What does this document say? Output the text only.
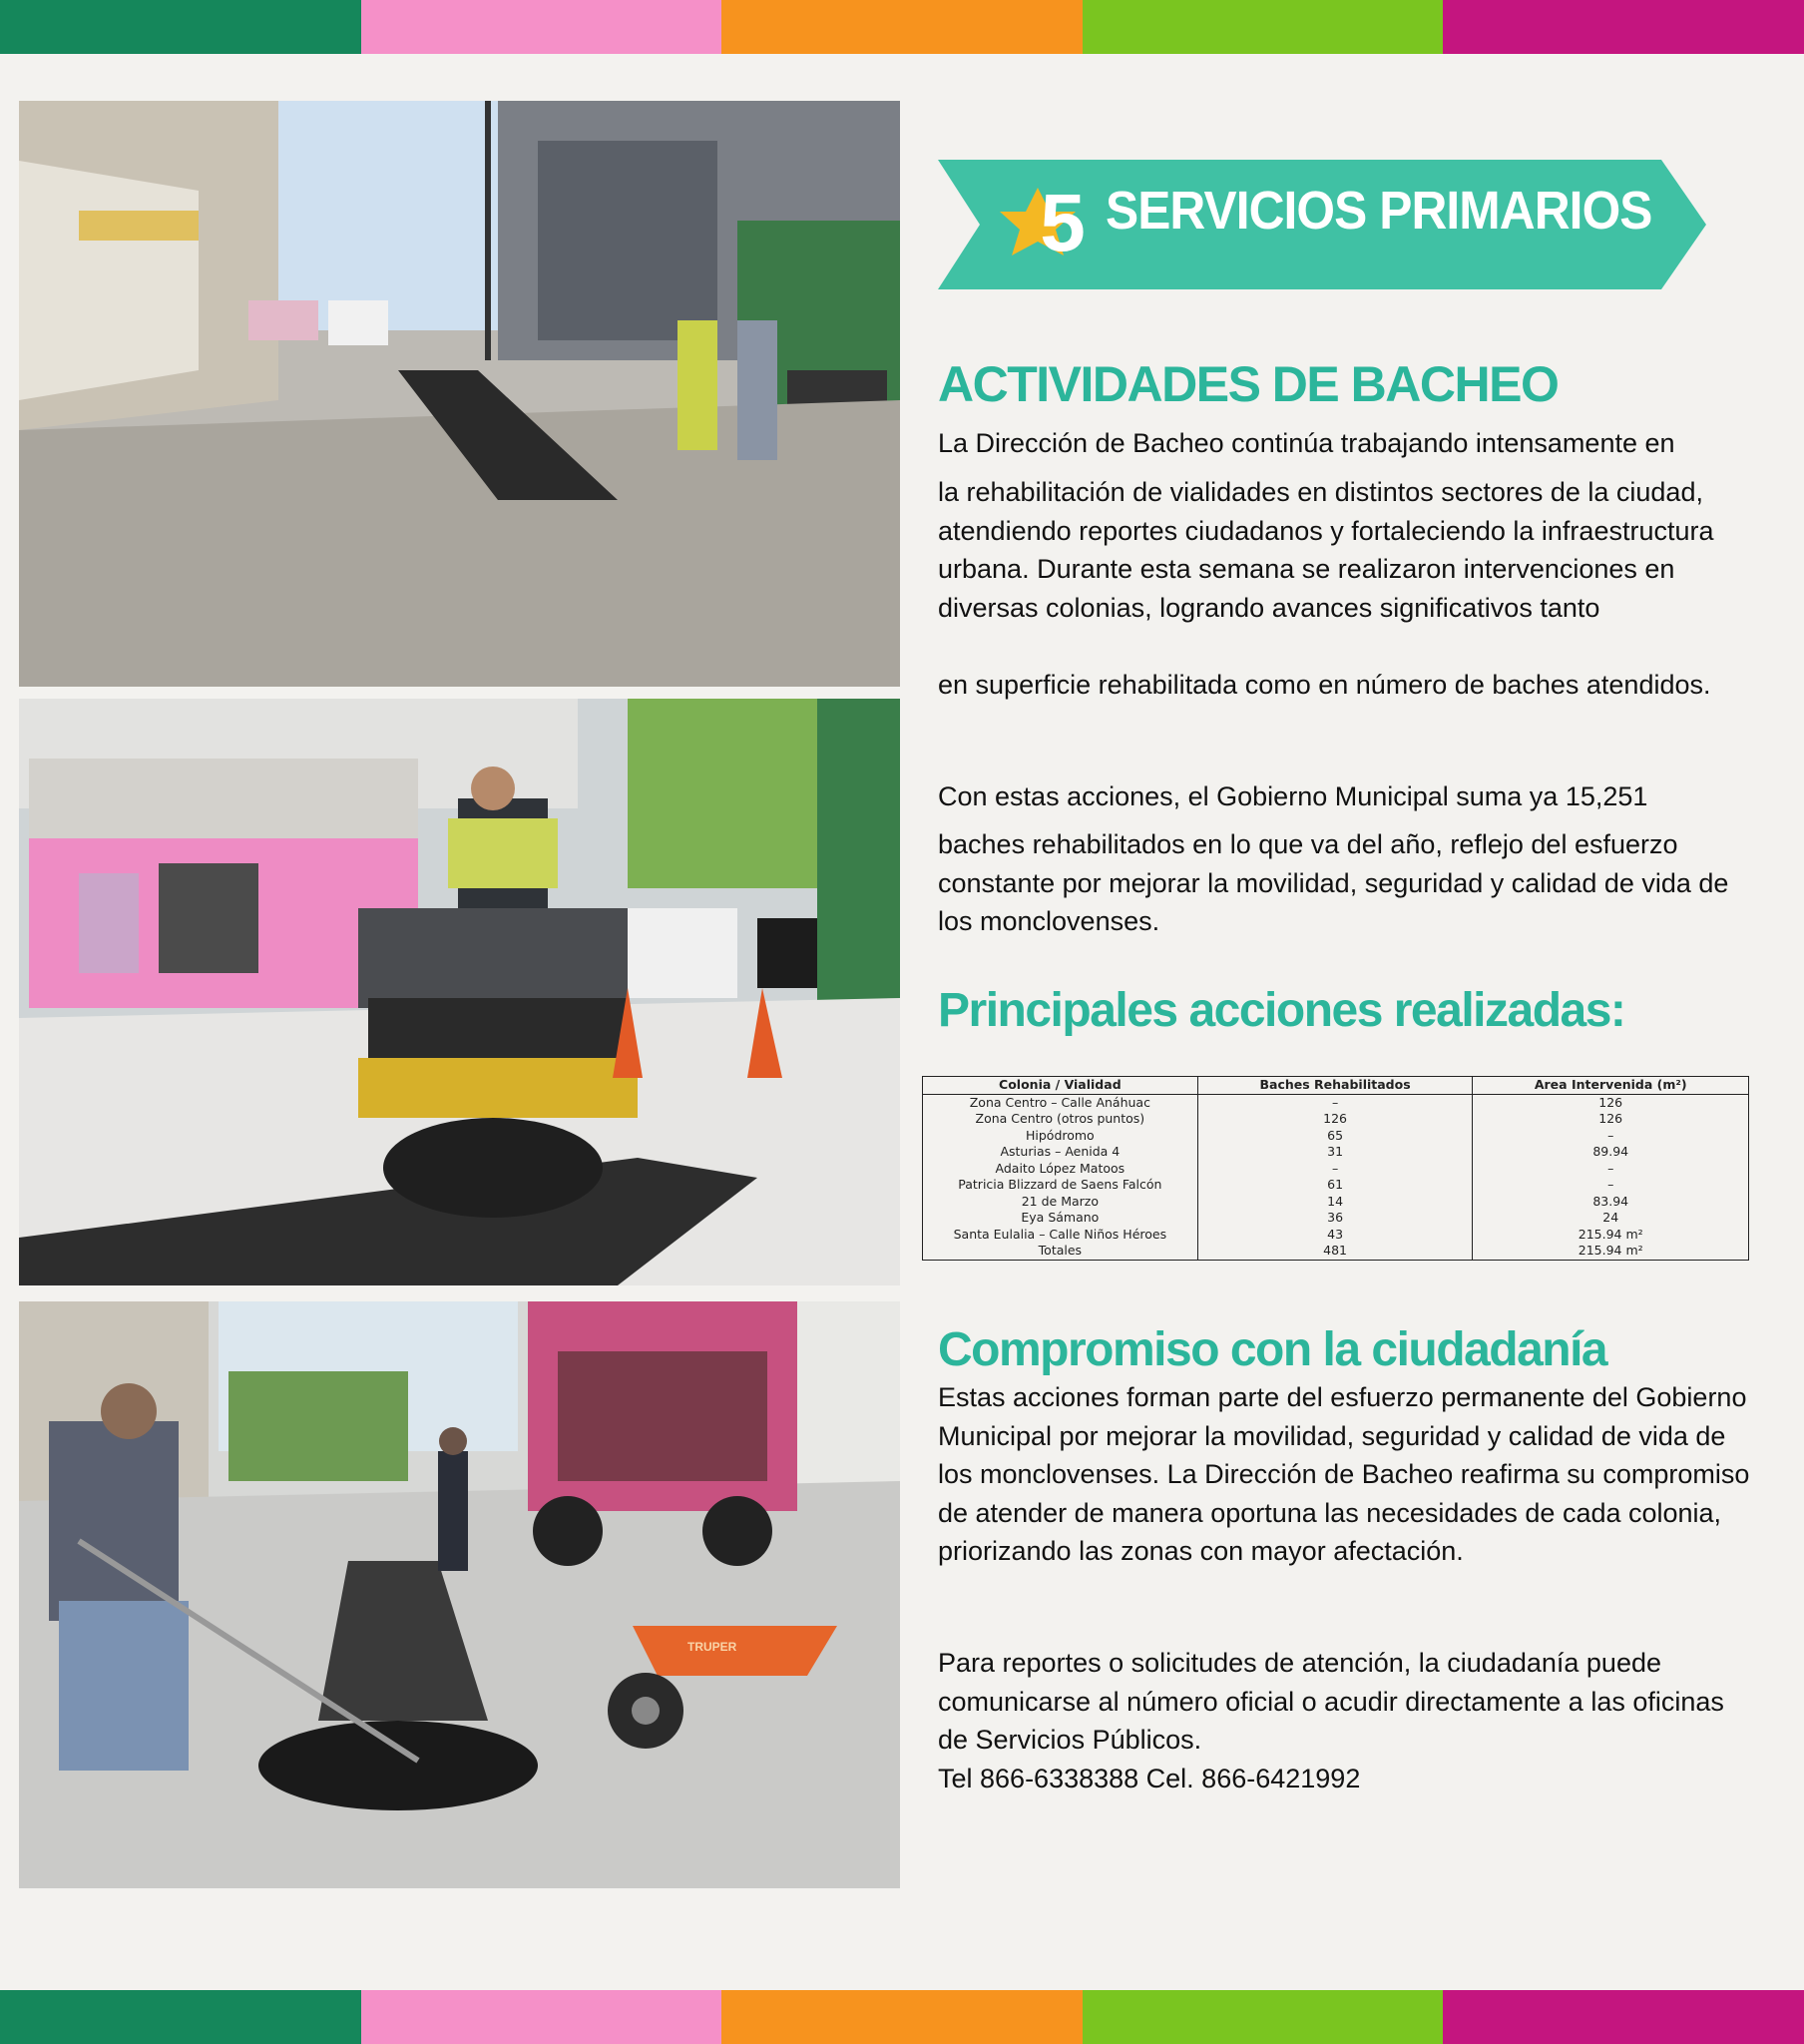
TRUPER
5 SERVICIOS PRIMARIOS
ACTIVIDADES DE BACHEO

La Dirección de Bacheo continúa trabajando intensamente en

la rehabilitación de vialidades en distintos sectores de la ciudad, atendiendo reportes ciudadanos y fortaleciendo la infraestructura urbana. Durante esta semana se realizaron intervenciones en diversas colonias, logrando avances significativos tanto

en superficie rehabilitada como en número de baches atendidos.

Con estas acciones, el Gobierno Municipal suma ya 15,251

baches rehabilitados en lo que va del año, reflejo del esfuerzo constante por mejorar la movilidad, seguridad y calidad de vida de los monclovenses.

Principales acciones realizadas:
Colonia / Vialidad	Baches Rehabilitados	Area Intervenida (m²)
Zona Centro – Calle Anáhuac	–	126
Zona Centro (otros puntos)	126	126
Hipódromo	65	–
Asturias – Aenida 4	31	89.94
Adaito López Matoos	–	–
Patricia Blizzard de Saens Falcón	61	–
21 de Marzo	14	83.94
Eya Sámano	36	24
Santa Eulalia – Calle Niños Héroes	43	215.94 m²
Totales	481	215.94 m²
Compromiso con la ciudadanía

Estas acciones forman parte del esfuerzo permanente del Gobierno Municipal por mejorar la movilidad, seguridad y calidad de vida de los monclovenses. La Dirección de Bacheo reafirma su compromiso de atender de manera oportuna las necesidades de cada colonia, priorizando las zonas con mayor afectación.

Para reportes o solicitudes de atención, la ciudadanía puede comunicarse al número oficial o acudir directamente a las oficinas de Servicios Públicos.

Tel 866-6338388 Cel. 866-6421992
